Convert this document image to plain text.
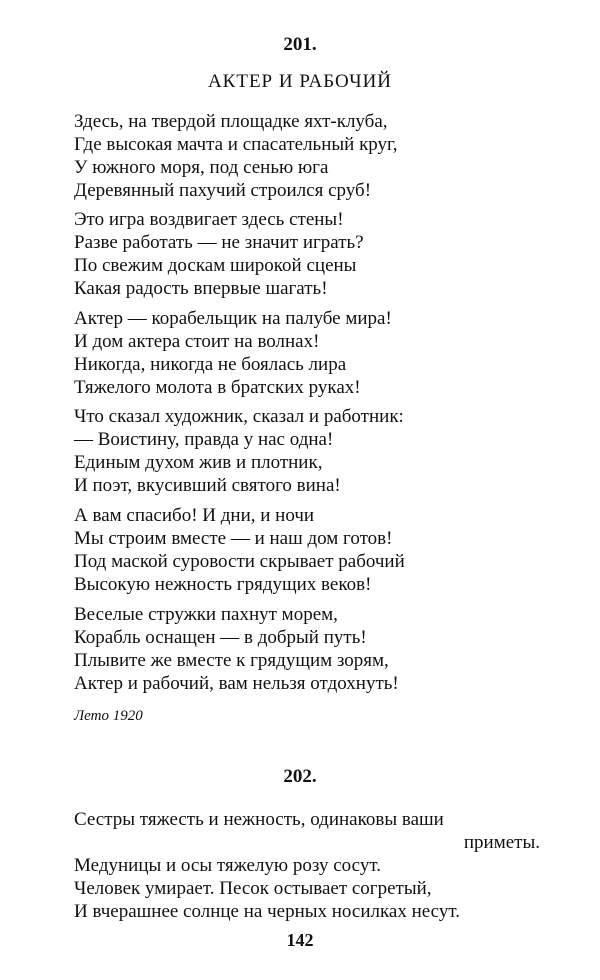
201.
АКТЕР И РАБОЧИЙ
Здесь, на твердой площадке яхт-клуба,
Где высокая мачта и спасательный круг,
У южного моря, под сенью юга
Деревянный пахучий строился сруб!
Это игра воздвигает здесь стены!
Разве работать — не значит играть?
По свежим доскам широкой сцены
Какая радость впервые шагать!
Актер — корабельщик на палубе мира!
И дом актера стоит на волнах!
Никогда, никогда не боялась лира
Тяжелого молота в братских руках!
Что сказал художник, сказал и работник:
— Воистину, правда у нас одна!
Единым духом жив и плотник,
И поэт, вкусивший святого вина!
А вам спасибо! И дни, и ночи
Мы строим вместе — и наш дом готов!
Под маской суровости скрывает рабочий
Высокую нежность грядущих веков!
Веселые стружки пахнут морем,
Корабль оснащен — в добрый путь!
Плывите же вместе к грядущим зорям,
Актер и рабочий, вам нельзя отдохнуть!
Лето 1920
202.
Сестры тяжесть и нежность, одинаковы ваши
приметы.
Медуницы и осы тяжелую розу сосут.
Человек умирает. Песок остывает согретый,
И вчерашнее солнце на черных носилках несут.
142
